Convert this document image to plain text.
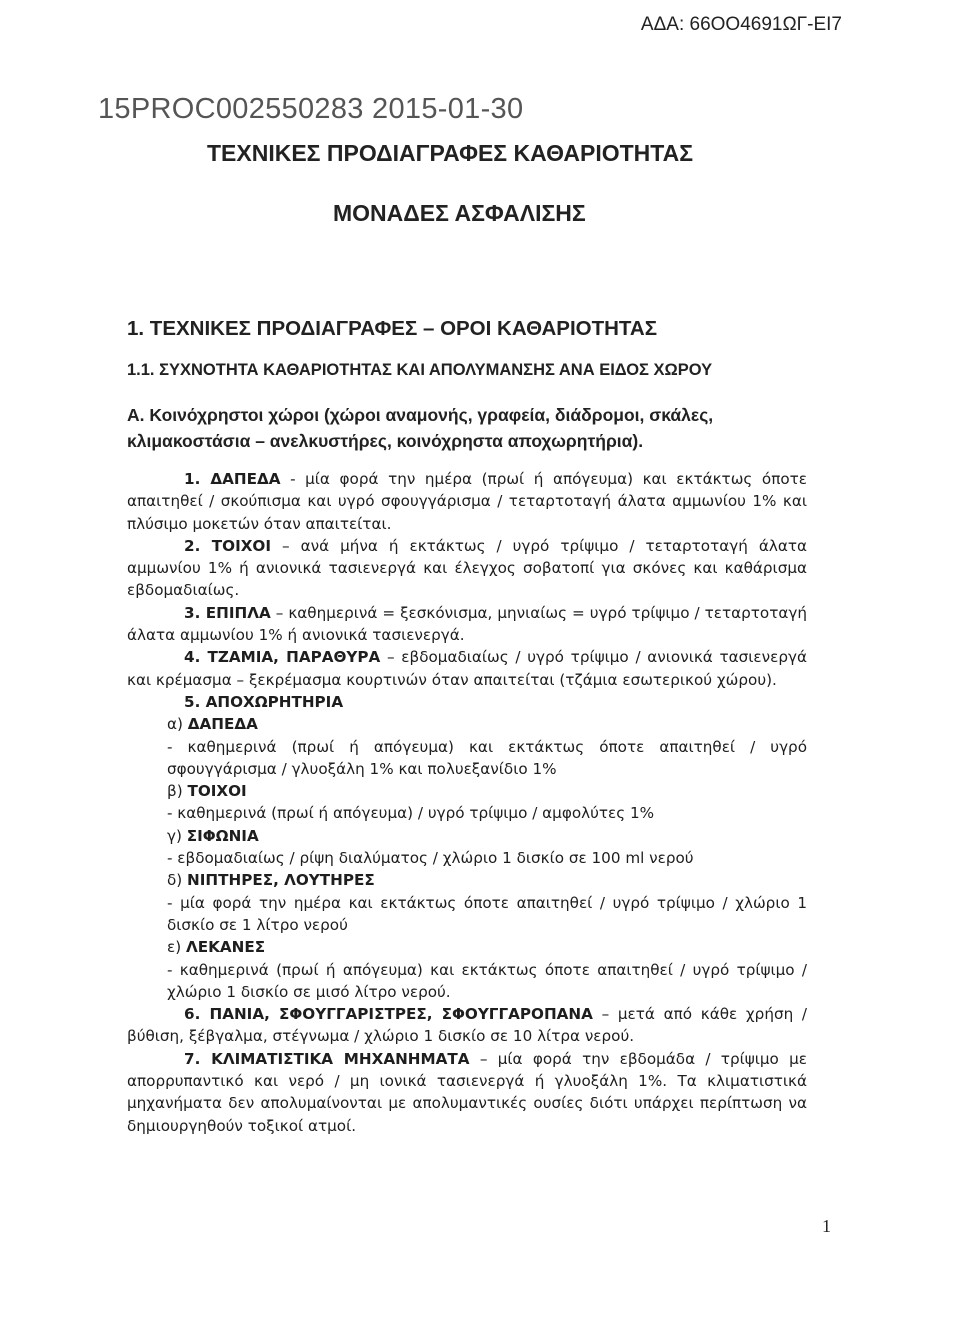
ΑΔΑ: 66ΟΟ4691ΩΓ-ΕΙ7
15PROC002550283 2015-01-30
ΤΕΧΝΙΚΕΣ ΠΡΟΔΙΑΓΡΑΦΕΣ ΚΑΘΑΡΙΟΤΗΤΑΣ
ΜΟΝΑΔΕΣ ΑΣΦΑΛΙΣΗΣ
1. ΤΕΧΝΙΚΕΣ ΠΡΟΔΙΑΓΡΑΦΕΣ – ΟΡΟΙ ΚΑΘΑΡΙΟΤΗΤΑΣ
1.1. ΣΥΧΝΟΤΗΤΑ ΚΑΘΑΡΙΟΤΗΤΑΣ ΚΑΙ ΑΠΟΛΥΜΑΝΣΗΣ ΑΝΑ ΕΙΔΟΣ ΧΩΡΟΥ
Α. Κοινόχρηστοι χώροι (χώροι αναμονής, γραφεία, διάδρομοι, σκάλες, κλιμακοστάσια – ανελκυστήρες, κοινόχρηστα αποχωρητήρια).

1. ΔΑΠΕΔΑ - μία φορά την ημέρα (πρωί ή απόγευμα) και εκτάκτως όποτε απαιτηθεί / σκούπισμα και υγρό σφουγγάρισμα / τεταρτοταγή άλατα αμμωνίου 1% και πλύσιμο μοκετών όταν απαιτείται.

2. ΤΟΙΧΟΙ – ανά μήνα ή εκτάκτως / υγρό τρίψιμο / τεταρτοταγή άλατα αμμωνίου 1% ή ανιονικά τασιενεργά και έλεγχος σοβατοπί για σκόνες και καθάρισμα εβδομαδιαίως.

3. ΕΠΙΠΛΑ – καθημερινά = ξεσκόνισμα, μηνιαίως = υγρό τρίψιμο / τεταρτοταγή άλατα αμμωνίου 1% ή ανιονικά τασιενεργά.

4. ΤΖΑΜΙΑ, ΠΑΡΑΘΥΡΑ – εβδομαδιαίως / υγρό τρίψιμο / ανιονικά τασιενεργά και κρέμασμα – ξεκρέμασμα κουρτινών όταν απαιτείται (τζάμια εσωτερικού χώρου).

5. ΑΠΟΧΩΡΗΤΗΡΙΑ

α) ΔΑΠΕΔΑ

- καθημερινά (πρωί ή απόγευμα) και εκτάκτως όποτε απαιτηθεί / υγρό σφουγγάρισμα / γλυοξάλη 1% και πολυεξανίδιο 1%

β) ΤΟΙΧΟΙ

- καθημερινά (πρωί ή απόγευμα) / υγρό τρίψιμο / αμφολύτες 1%

γ) ΣΙΦΩΝΙΑ

- εβδομαδιαίως / ρίψη διαλύματος / χλώριο 1 δισκίο σε 100 ml νερού

δ) ΝΙΠΤΗΡΕΣ, ΛΟΥΤΗΡΕΣ

- μία φορά την ημέρα και εκτάκτως όποτε απαιτηθεί / υγρό τρίψιμο / χλώριο 1 δισκίο σε 1 λίτρο νερού

ε) ΛΕΚΑΝΕΣ

- καθημερινά (πρωί ή απόγευμα) και εκτάκτως όποτε απαιτηθεί / υγρό τρίψιμο / χλώριο 1 δισκίο σε μισό λίτρο νερού.

6. ΠΑΝΙΑ, ΣΦΟΥΓΓΑΡΙΣΤΡΕΣ, ΣΦΟΥΓΓΑΡΟΠΑΝΑ – μετά από κάθε χρήση / βύθιση, ξέβγαλμα, στέγνωμα / χλώριο 1 δισκίο σε 10 λίτρα νερού.

7. ΚΛΙΜΑΤΙΣΤΙΚΑ ΜΗΧΑΝΗΜΑΤΑ – μία φορά την εβδομάδα / τρίψιμο με απορρυπαντικό και νερό / μη ιονικά τασιενεργά ή γλυοξάλη 1%. Τα κλιματιστικά μηχανήματα δεν απολυμαίνονται με απολυμαντικές ουσίες διότι υπάρχει περίπτωση να δημιουργηθούν τοξικοί ατμοί.

1
